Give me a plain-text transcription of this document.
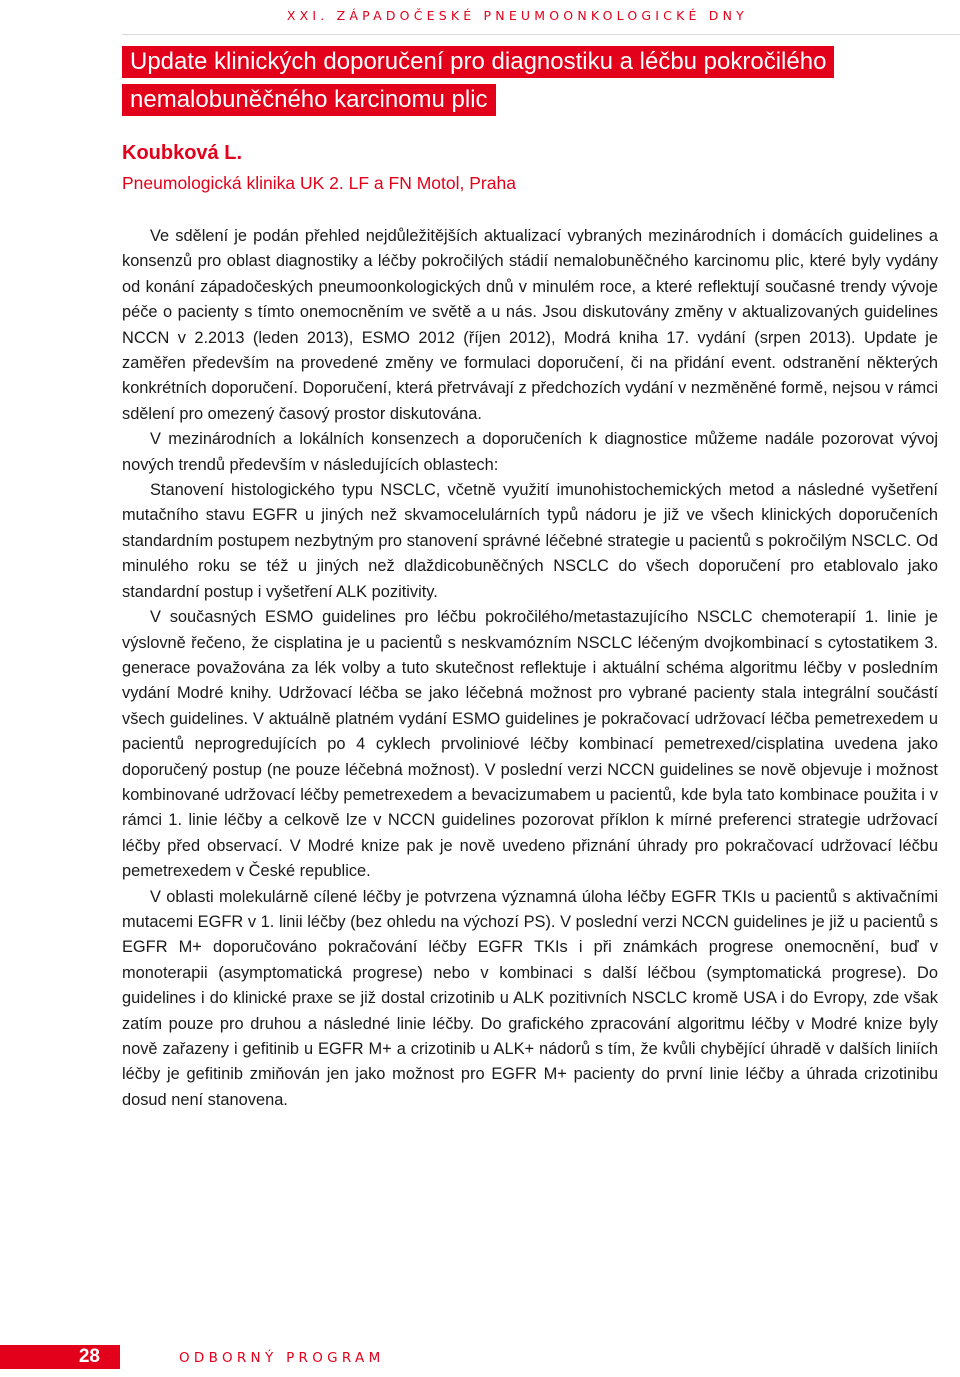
XXI. ZÁPADOČESKÉ PNEUMOONKOLOGICKÉ DNY
Update klinických doporučení pro diagnostiku a léčbu pokročilého
nemalobuněčného karcinomu plic
Koubková L.
Pneumologická klinika UK 2. LF a FN Motol, Praha

Ve sdělení je podán přehled nejdůležitějších aktualizací vybraných mezinárodních i domácích guidelines a konsenzů pro oblast diagnostiky a léčby pokročilých stádií nemalobuněčného karcinomu plic, které byly vydány od konání západočeských pneumoonkologických dnů v minulém roce, a které reflektují současné trendy vývoje péče o pacienty s tímto onemocněním ve světě a u nás. Jsou diskutovány změny v aktualizovaných guidelines NCCN v 2.2013 (leden 2013), ESMO 2012 (říjen 2012), Modrá kniha 17. vydání (srpen 2013). Update je zaměřen především na provedené změny ve formulaci doporučení, či na přidání event. odstranění některých konkrétních doporučení. Doporučení, která přetrvávají z předchozích vydání v nezměněné formě, nejsou v rámci sdělení pro omezený časový prostor diskutována.

V mezinárodních a lokálních konsenzech a doporučeních k diagnostice můžeme nadále pozorovat vývoj nových trendů především v následujících oblastech:

Stanovení histologického typu NSCLC, včetně využití imunohistochemických metod a následné vyšetření mutačního stavu EGFR u jiných než skvamocelulárních typů nádoru je již ve všech klinických doporučeních standardním postupem nezbytným pro stanovení správné léčebné strategie u pacientů s pokročilým NSCLC. Od minulého roku se též u jiných než dlaždicobuněčných NSCLC do všech doporučení pro etablovalo jako standardní postup i vyšetření ALK pozitivity.

V současných ESMO guidelines pro léčbu pokročilého/metastazujícího NSCLC chemoterapií 1. linie je výslovně řečeno, že cisplatina je u pacientů s neskvamózním NSCLC léčeným dvojkombinací s cytostatikem 3. generace považována za lék volby a tuto skutečnost reflektuje i aktuální schéma algoritmu léčby v posledním vydání Modré knihy. Udržovací léčba se jako léčebná možnost pro vybrané pacienty stala integrální součástí všech guidelines. V aktuálně platném vydání ESMO guidelines je pokračovací udržovací léčba pemetrexedem u pacientů neprogredujících po 4 cyklech prvoliniové léčby kombinací pemetrexed/cisplatina uvedena jako doporučený postup (ne pouze léčebná možnost). V poslední verzi NCCN guidelines se nově objevuje i možnost kombinované udržovací léčby pemetrexedem a bevacizumabem u pacientů, kde byla tato kombinace použita i v rámci 1. linie léčby a celkově lze v NCCN guidelines pozorovat příklon k mírné preferenci strategie udržovací léčby před observací. V Modré knize pak je nově uvedeno přiznání úhrady pro pokračovací udržovací léčbu pemetrexedem v České republice.

V oblasti molekulárně cílené léčby je potvrzena významná úloha léčby EGFR TKIs u pacientů s aktivačními mutacemi EGFR v 1. linii léčby (bez ohledu na výchozí PS). V poslední verzi NCCN guidelines je již u pacientů s EGFR M+ doporučováno pokračování léčby EGFR TKIs i při známkách progrese onemocnění, buď v monoterapii (asymptomatická progrese) nebo v kombinaci s další léčbou (symptomatická progrese). Do guidelines i do klinické praxe se již dostal crizotinib u ALK pozitivních NSCLC kromě USA i do Evropy, zde však zatím pouze pro druhou a následné linie léčby. Do grafického zpracování algoritmu léčby v Modré knize byly nově zařazeny i gefitinib u EGFR M+ a crizotinib u ALK+ nádorů s tím, že kvůli chybějící úhradě v dalších liniích léčby je gefitinib zmiňován jen jako možnost pro EGFR M+ pacienty do první linie léčby a úhrada crizotinibu dosud není stanovena.

28	ODBORNÝ PROGRAM
